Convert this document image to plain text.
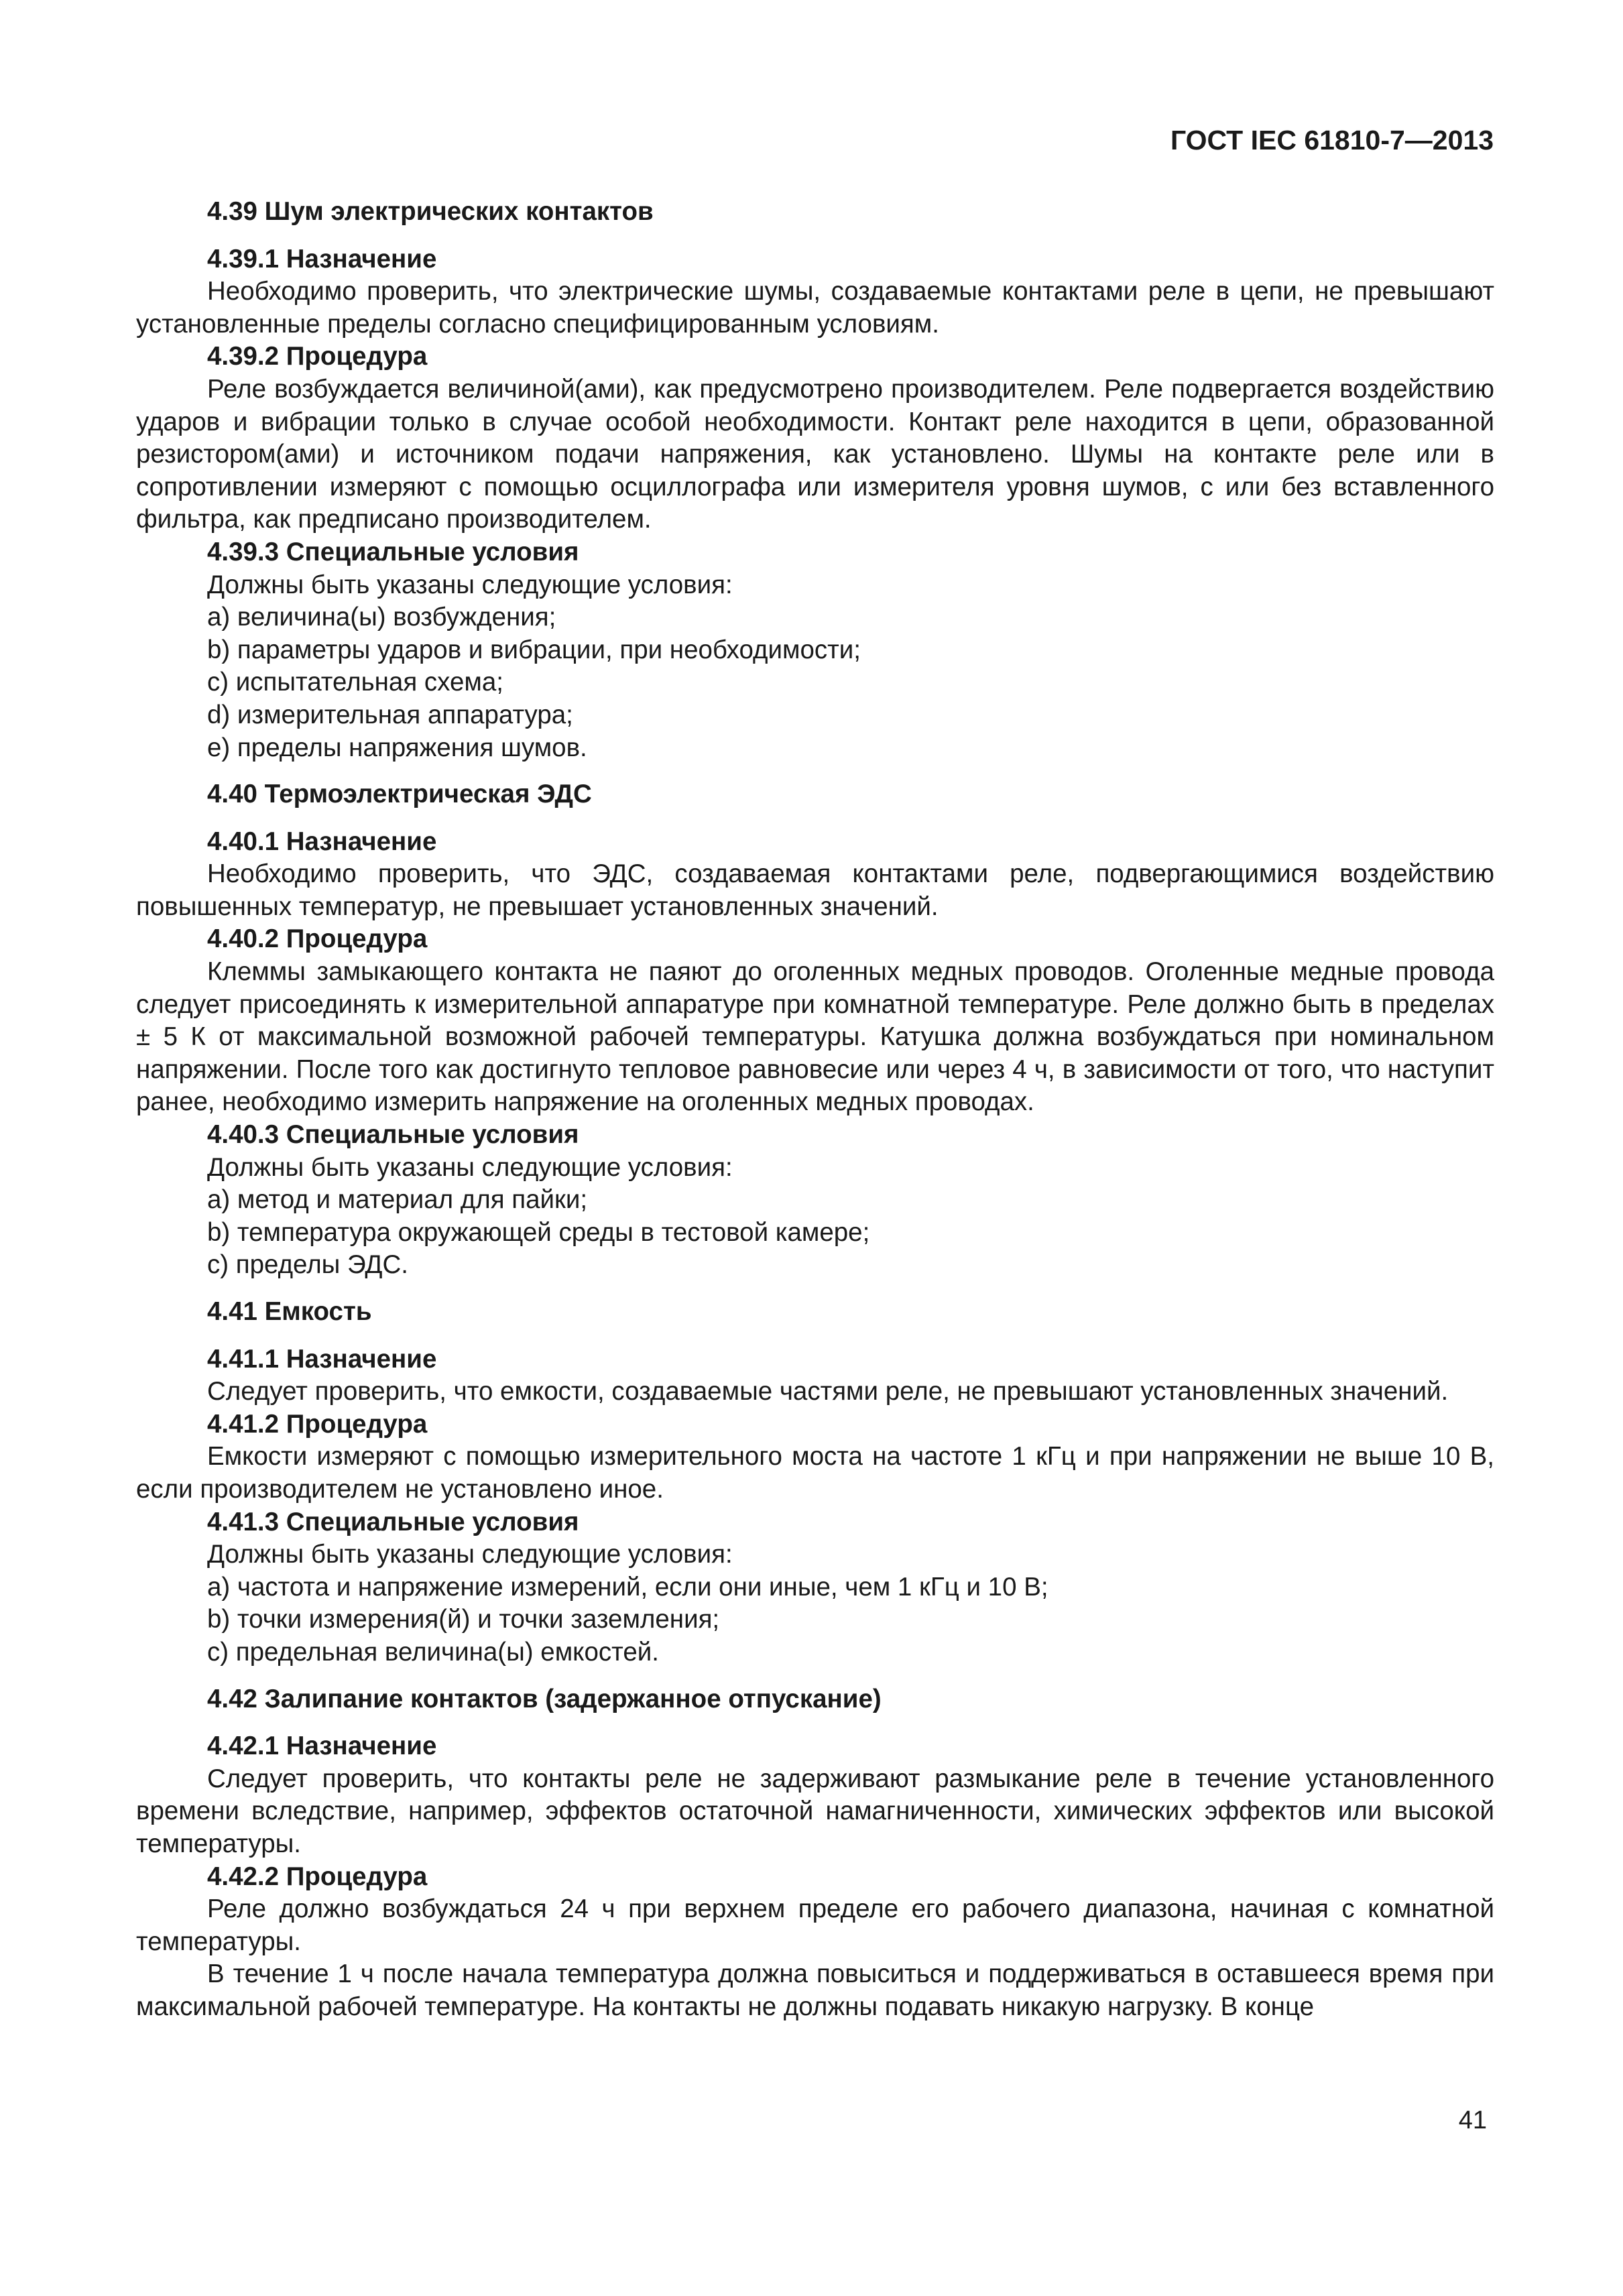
ГОСТ IEC 61810-7—2013
4.39 Шум электрических контактов
4.39.1 Назначение
Необходимо проверить, что электрические шумы, создаваемые контактами реле в цепи, не превышают установленные пределы согласно специфицированным условиям.
4.39.2 Процедура
Реле возбуждается величиной(ами), как предусмотрено производителем. Реле подвергается воздействию ударов и вибрации только в случае особой необходимости. Контакт реле находится в цепи, образованной резистором(ами) и источником подачи напряжения, как установлено. Шумы на контакте реле или в сопротивлении измеряют с помощью осциллографа или измерителя уровня шумов, с или без вставленного фильтра, как предписано производителем.
4.39.3 Специальные условия
Должны быть указаны следующие условия:
a) величина(ы) возбуждения;
b) параметры ударов и вибрации, при необходимости;
c) испытательная схема;
d) измерительная аппаратура;
e) пределы напряжения шумов.
4.40 Термоэлектрическая ЭДС
4.40.1 Назначение
Необходимо проверить, что ЭДС, создаваемая контактами реле, подвергающимися воздействию повышенных температур, не превышает установленных значений.
4.40.2 Процедура
Клеммы замыкающего контакта не паяют до оголенных медных проводов. Оголенные медные провода следует присоединять к измерительной аппаратуре при комнатной температуре. Реле должно быть в пределах ± 5 К от максимальной возможной рабочей температуры. Катушка должна возбуждаться при номинальном напряжении. После того как достигнуто тепловое равновесие или через 4 ч, в зависимости от того, что наступит ранее, необходимо измерить напряжение на оголенных медных проводах.
4.40.3 Специальные условия
Должны быть указаны следующие условия:
a) метод и материал для пайки;
b) температура окружающей среды в тестовой камере;
c) пределы ЭДС.
4.41 Емкость
4.41.1 Назначение
Следует проверить, что емкости, создаваемые частями реле, не превышают установленных значений.
4.41.2 Процедура
Емкости измеряют с помощью измерительного моста на частоте 1 кГц и при напряжении не выше 10 В, если производителем не установлено иное.
4.41.3 Специальные условия
Должны быть указаны следующие условия:
a) частота и напряжение измерений, если они иные, чем 1 кГц и 10 В;
b) точки измерения(й) и точки заземления;
c) предельная величина(ы) емкостей.
4.42 Залипание контактов (задержанное отпускание)
4.42.1 Назначение
Следует проверить, что контакты реле не задерживают размыкание реле в течение установленного времени вследствие, например, эффектов остаточной намагниченности, химических эффектов или высокой температуры.
4.42.2 Процедура
Реле должно возбуждаться 24 ч при верхнем пределе его рабочего диапазона, начиная с комнатной температуры.
В течение 1 ч после начала температура должна повыситься и поддерживаться в оставшееся время при максимальной рабочей температуре. На контакты не должны подавать никакую нагрузку. В конце
41
